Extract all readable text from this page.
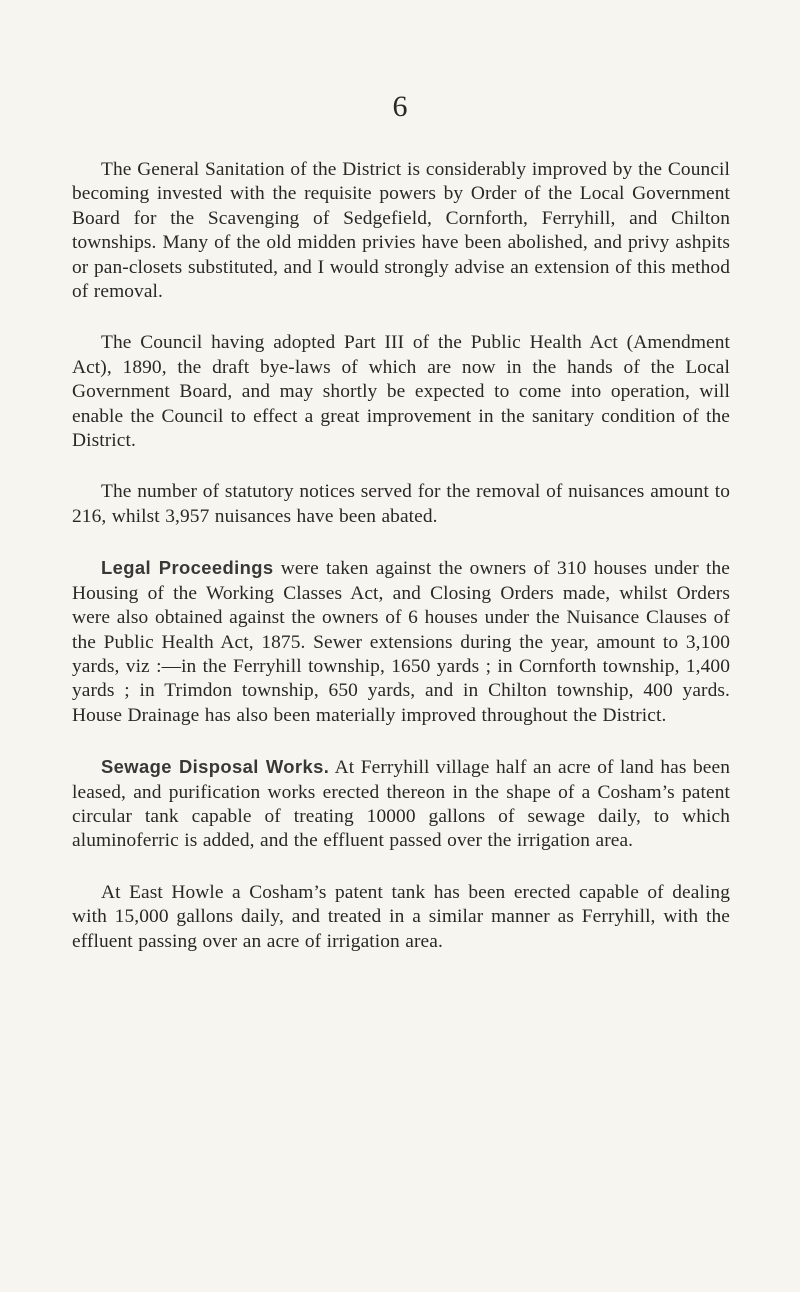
6

The General Sanitation of the District is considerably improved by the Council becoming invested with the requisite powers by Order of the Local Government Board for the Scavenging of Sedgefield, Cornforth, Ferryhill, and Chilton townships. Many of the old midden privies have been abolished, and privy ashpits or pan-closets substituted, and I would strongly advise an extension of this method of removal.

The Council having adopted Part III of the Public Health Act (Amendment Act), 1890, the draft bye-laws of which are now in the hands of the Local Government Board, and may shortly be expected to come into operation, will enable the Council to effect a great improvement in the sanitary condition of the District.

The number of statutory notices served for the removal of nuisances amount to 216, whilst 3,957 nuisances have been abated.

Legal Proceedings were taken against the owners of 310 houses under the Housing of the Working Classes Act, and Closing Orders made, whilst Orders were also obtained against the owners of 6 houses under the Nuisance Clauses of the Public Health Act, 1875. Sewer extensions during the year, amount to 3,100 yards, viz :—in the Ferryhill township, 1650 yards ; in Cornforth township, 1,400 yards ; in Trimdon township, 650 yards, and in Chilton township, 400 yards. House Drainage has also been materially improved throughout the District.

Sewage Disposal Works. At Ferryhill village half an acre of land has been leased, and purification works erected thereon in the shape of a Cosham’s patent circular tank capable of treating 10000 gallons of sewage daily, to which aluminoferric is added, and the effluent passed over the irrigation area.

At East Howle a Cosham’s patent tank has been erected capable of dealing with 15,000 gallons daily, and treated in a similar manner as Ferryhill, with the effluent passing over an acre of irrigation area.
